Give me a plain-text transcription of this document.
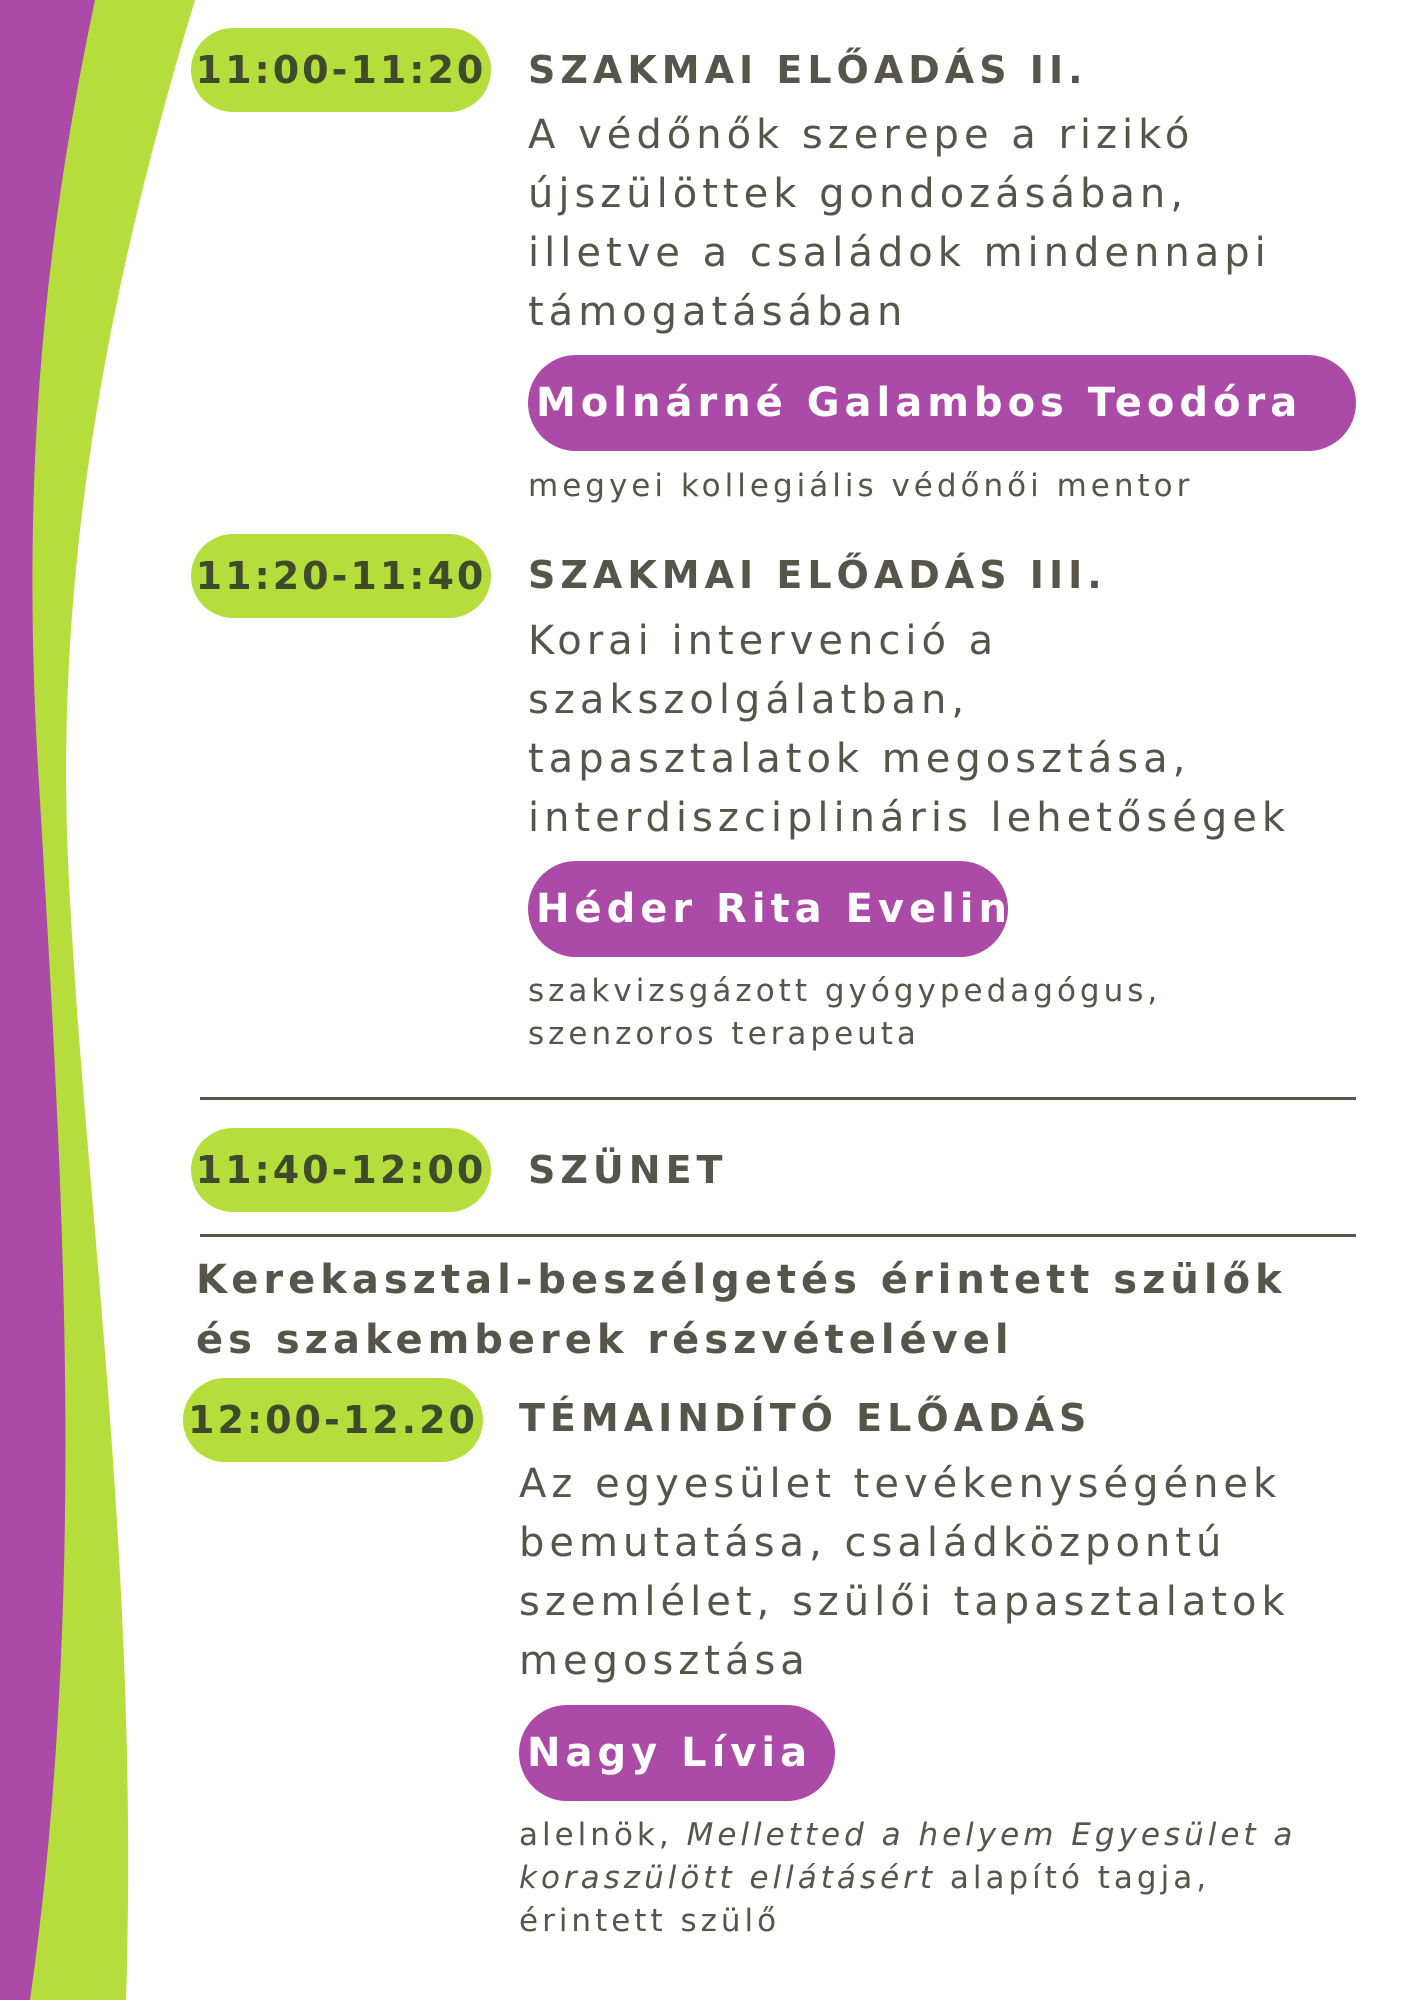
11:00-11:20 SZAKMAI ELŐADÁS II.
A védőnők szerepe a rizikó
újszülöttek gondozásában,
illetve a családok mindennapi
támogatásában
Molnárné Galambos Teodóra
megyei kollegiális védőnői mentor
11:20-11:40 SZAKMAI ELŐADÁS III.
Korai intervenció a
szakszolgálatban,
tapasztalatok megosztása,
interdiszciplináris lehetőségek
Héder Rita Evelin
szakvizsgázott gyógypedagógus,
szenzoros terapeuta
11:40-12:00 SZÜNET
Kerekasztal-beszélgetés érintett szülők
és szakemberek részvételével
12:00-12.20 TÉMAINDÍTÓ ELŐADÁS
Az egyesület tevékenységének
bemutatása, családközpontú
szemlélet, szülői tapasztalatok
megosztása
Nagy Lívia
alelnök, Melletted a helyem Egyesület a
koraszülött ellátásért alapító tagja,
érintett szülő
